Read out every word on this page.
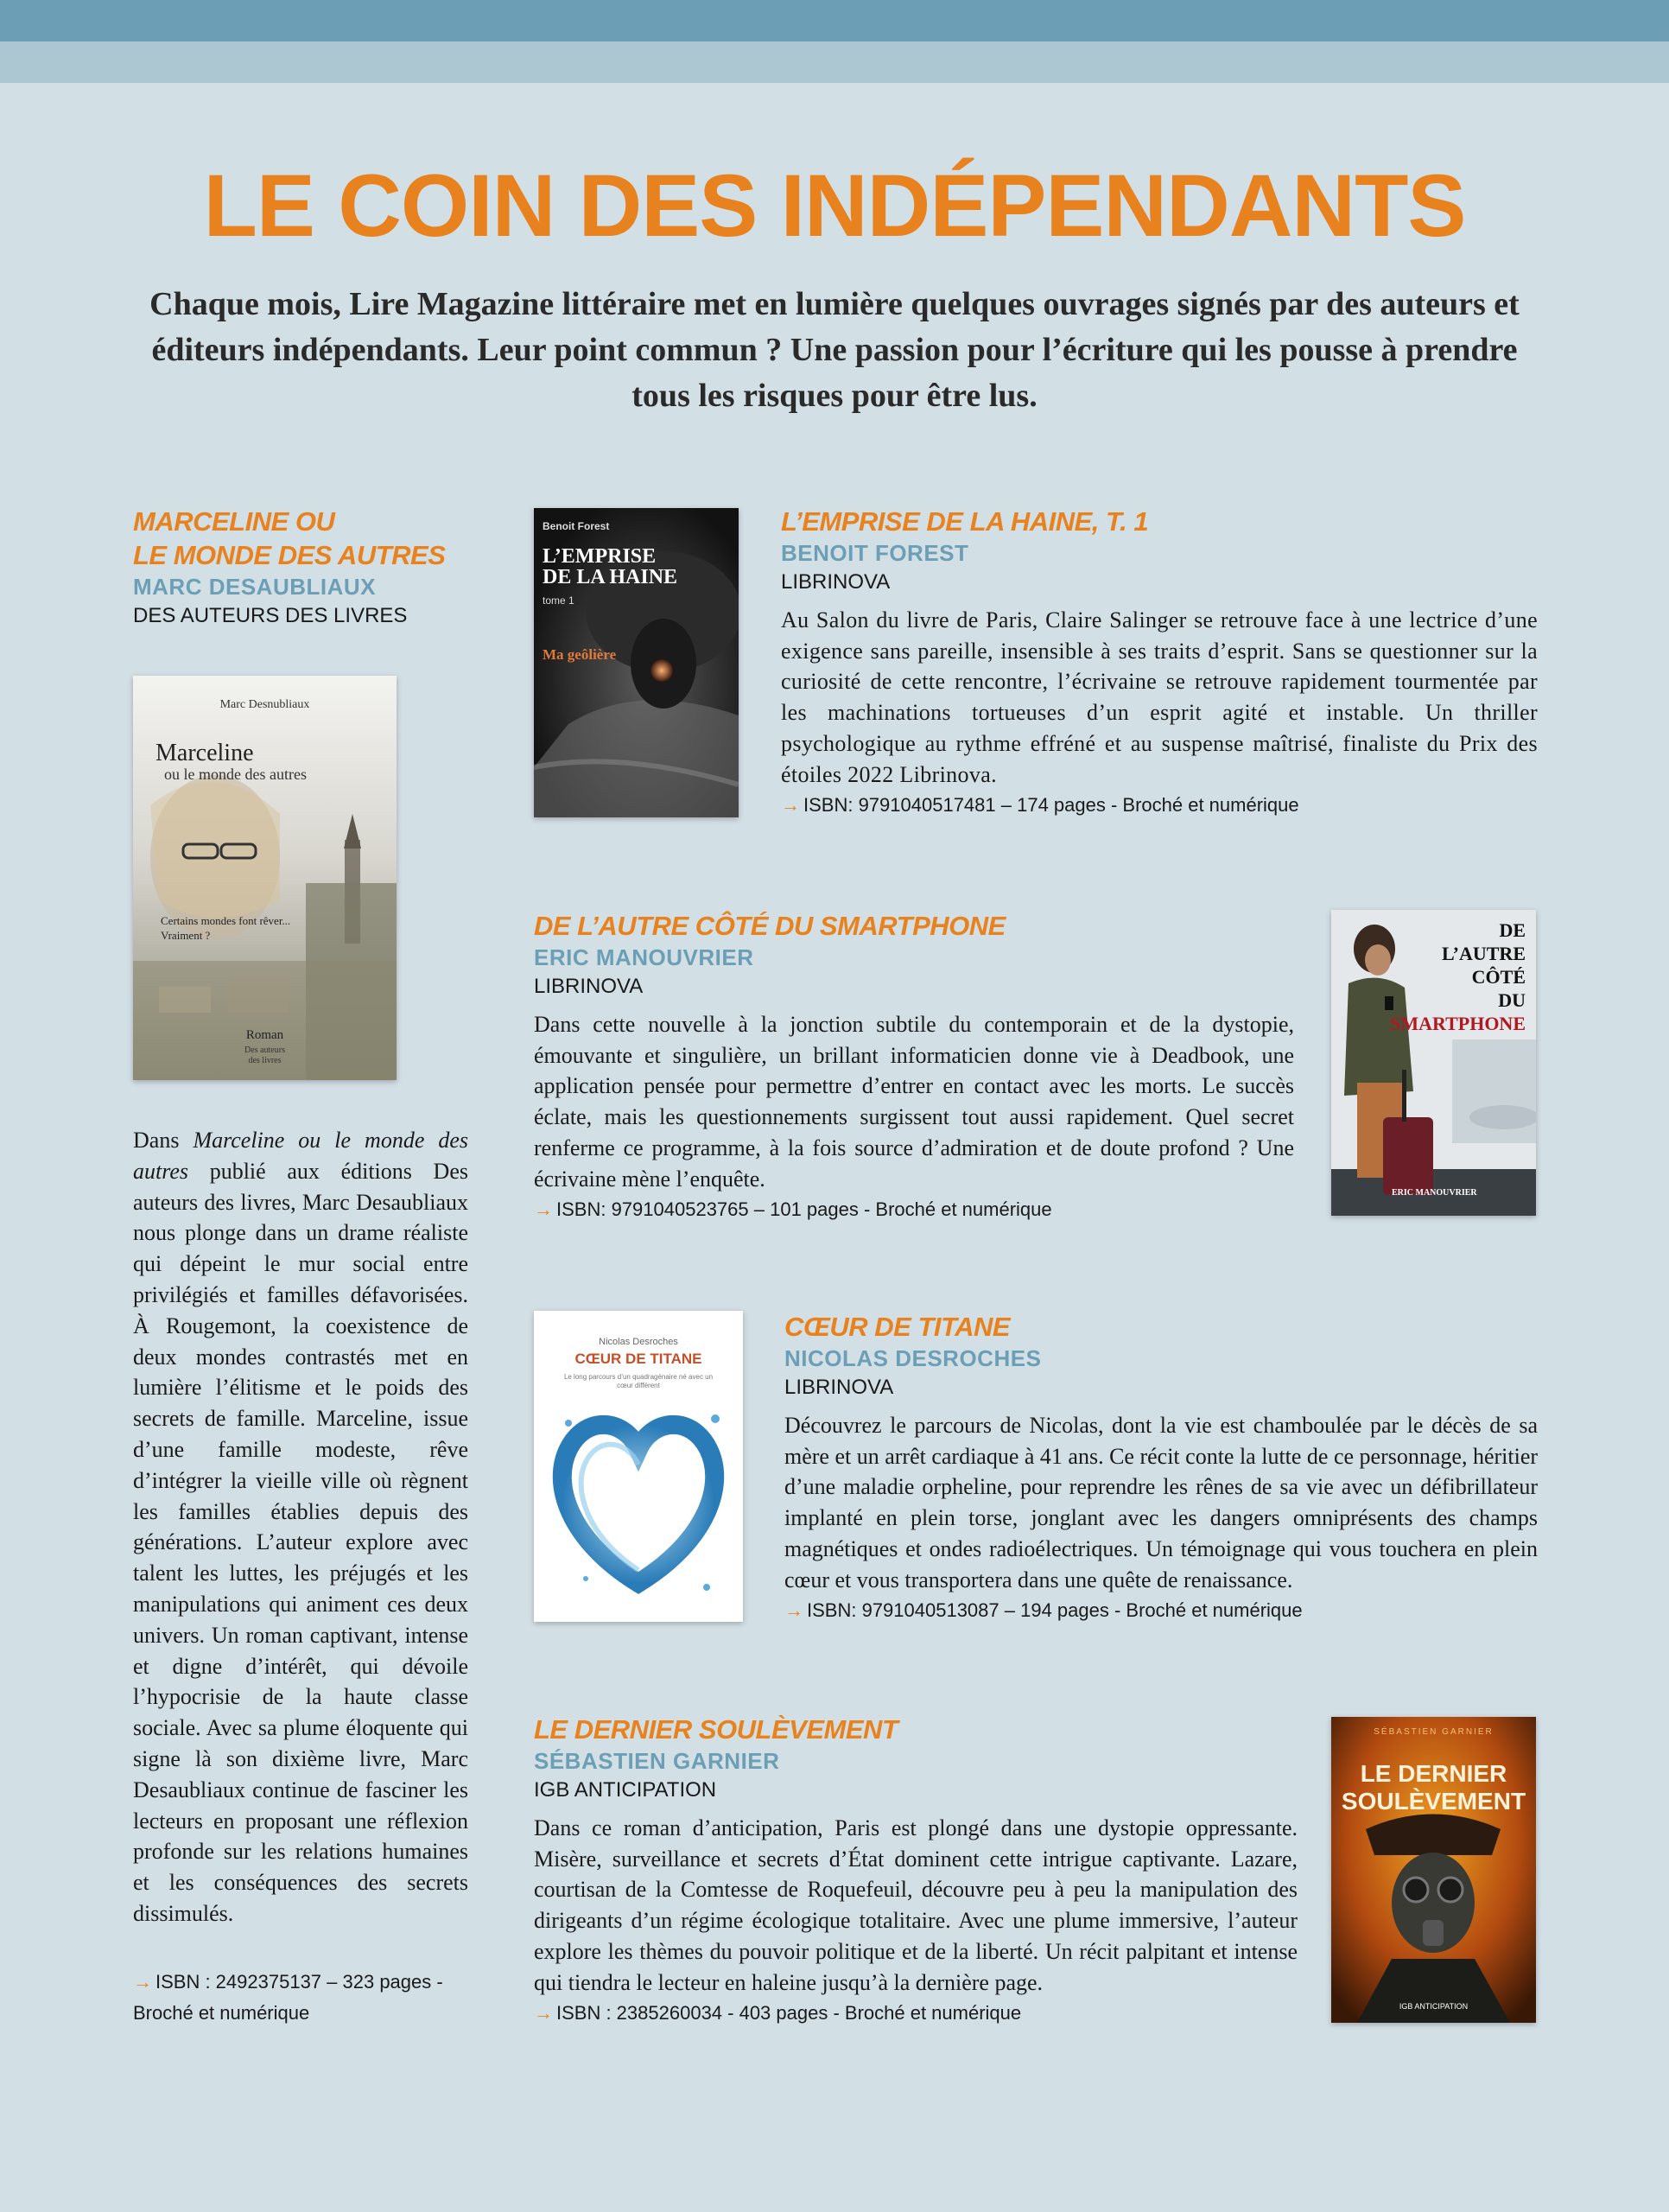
LE COIN DES INDÉPENDANTS
Chaque mois, Lire Magazine littéraire met en lumière quelques ouvrages signés par des auteurs et éditeurs indépendants. Leur point commun ? Une passion pour l’écriture qui les pousse à prendre tous les risques pour être lus.
MARCELINE OU
LE MONDE DES AUTRES
MARC DESAUBLIAUX
DES AUTEURS DES LIVRES
Marc Desnubliaux
Marceline
ou le monde des autres
Certains mondes font rêver...
Vraiment ?
Roman
Des auteurs
des livres
Dans Marceline ou le monde des autres publié aux éditions Des auteurs des livres, Marc Desaubliaux nous plonge dans un drame réaliste qui dépeint le mur social entre privilégiés et familles défavorisées. À Rougemont, la coexistence de deux mondes contrastés met en lumière l’élitisme et le poids des secrets de famille. Marceline, issue d’une famille modeste, rêve d’intégrer la vieille ville où règnent les familles établies depuis des générations. L’auteur explore avec talent les luttes, les préjugés et les manipulations qui animent ces deux univers. Un roman captivant, intense et digne d’intérêt, qui dévoile l’hypocrisie de la haute classe sociale. Avec sa plume éloquente qui signe là son dixième livre, Marc Desaubliaux continue de fasciner les lecteurs en proposant une réflexion profonde sur les relations humaines et les conséquences des secrets dissimulés.
→ ISBN : 2492375137 – 323 pages -
Broché et numérique
Benoit Forest
L’EMPRISE
DE LA HAINE
tome 1
Ma geôlière
L’EMPRISE DE LA HAINE, T. 1
BENOIT FOREST
LIBRINOVA
Au Salon du livre de Paris, Claire Salinger se retrouve face à une lectrice d’une exigence sans pareille, insensible à ses traits d’esprit. Sans se questionner sur la curiosité de cette rencontre, l’écrivaine se retrouve rapidement tourmentée par les machinations tortueuses d’un esprit agité et instable. Un thriller psychologique au rythme effréné et au suspense maîtrisé, finaliste du Prix des étoiles 2022 Librinova.
→ ISBN: 9791040517481 – 174 pages - Broché et numérique
DE L’AUTRE CÔTÉ DU SMARTPHONE
ERIC MANOUVRIER
LIBRINOVA
Dans cette nouvelle à la jonction subtile du contemporain et de la dystopie, émouvante et singulière, un brillant informaticien donne vie à Deadbook, une application pensée pour permettre d’entrer en contact avec les morts. Le succès éclate, mais les questionnements surgissent tout aussi rapidement. Quel secret renferme ce programme, à la fois source d’admiration et de doute profond ? Une écrivaine mène l’enquête.
→ ISBN: 9791040523765 – 101 pages - Broché et numérique
DE
L’AUTRE
CÔTÉ
DU
SMARTPHONE
ERIC MANOUVRIER
Nicolas Desroches
CŒUR DE TITANE
Le long parcours d’un quadragénaire né avec un cœur différent
CŒUR DE TITANE
NICOLAS DESROCHES
LIBRINOVA
Découvrez le parcours de Nicolas, dont la vie est chamboulée par le décès de sa mère et un arrêt cardiaque à 41 ans. Ce récit conte la lutte de ce personnage, héritier d’une maladie orpheline, pour reprendre les rênes de sa vie avec un défibrillateur implanté en plein torse, jonglant avec les dangers omniprésents des champs magnétiques et ondes radioélectriques. Un témoignage qui vous touchera en plein cœur et vous transportera dans une quête de renaissance.
→ ISBN: 9791040513087 – 194 pages - Broché et numérique
LE DERNIER SOULÈVEMENT
SÉBASTIEN GARNIER
IGB ANTICIPATION
Dans ce roman d’anticipation, Paris est plongé dans une dystopie oppressante. Misère, surveillance et secrets d’État dominent cette intrigue captivante. Lazare, courtisan de la Comtesse de Roquefeuil, découvre peu à peu la manipulation des dirigeants d’un régime écologique totalitaire. Avec une plume immersive, l’auteur explore les thèmes du pouvoir politique et de la liberté. Un récit palpitant et intense qui tiendra le lecteur en haleine jusqu’à la dernière page.
→ ISBN : 2385260034 - 403 pages - Broché et numérique
SÉBASTIEN GARNIER
LE DERNIER
SOULÈVEMENT
IGB ANTICIPATION
